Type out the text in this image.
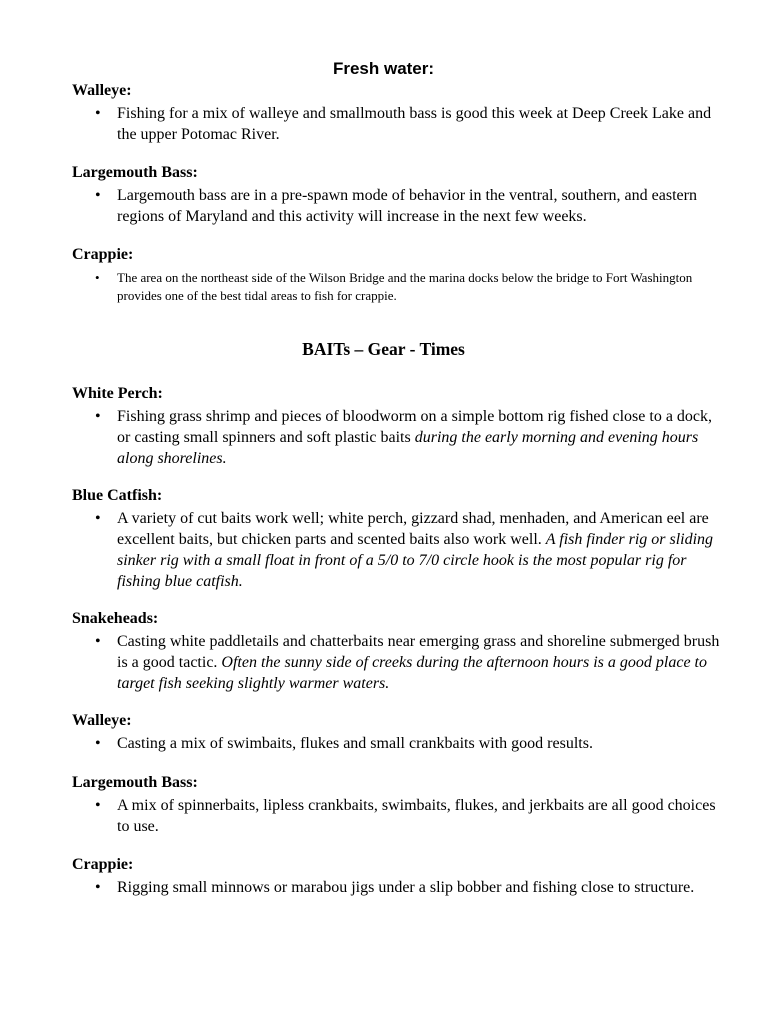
Fresh water:

Walleye:

• Fishing for a mix of walleye and smallmouth bass is good this week at Deep Creek Lake and the upper Potomac River.

Largemouth Bass:

• Largemouth bass are in a pre-spawn mode of behavior in the ventral, southern, and eastern regions of Maryland and this activity will increase in the next few weeks.

Crappie:

•	The area on the northeast side of the Wilson Bridge and the marina docks below the bridge to Fort Washington provides one of the best tidal areas to fish for crappie.
BAITs – Gear - Times

White Perch:

• Fishing grass shrimp and pieces of bloodworm on a simple bottom rig fished close to a dock, or casting small spinners and soft plastic baits during the early morning and evening hours along shorelines.

Blue Catfish:

• A variety of cut baits work well; white perch, gizzard shad, menhaden, and American eel are excellent baits, but chicken parts and scented baits also work well. A fish finder rig or sliding sinker rig with a small float in front of a 5/0 to 7/0 circle hook is the most popular rig for fishing blue catfish.

Snakeheads:

• Casting white paddletails and chatterbaits near emerging grass and shoreline submerged brush is a good tactic. Often the sunny side of creeks during the afternoon hours is a good place to target fish seeking slightly warmer waters.

Walleye:

• Casting a mix of swimbaits, flukes and small crankbaits with good results.

Largemouth Bass:

• A mix of spinnerbaits, lipless crankbaits, swimbaits, flukes, and jerkbaits are all good choices to use.

Crappie:

• Rigging small minnows or marabou jigs under a slip bobber and fishing close to structure.
